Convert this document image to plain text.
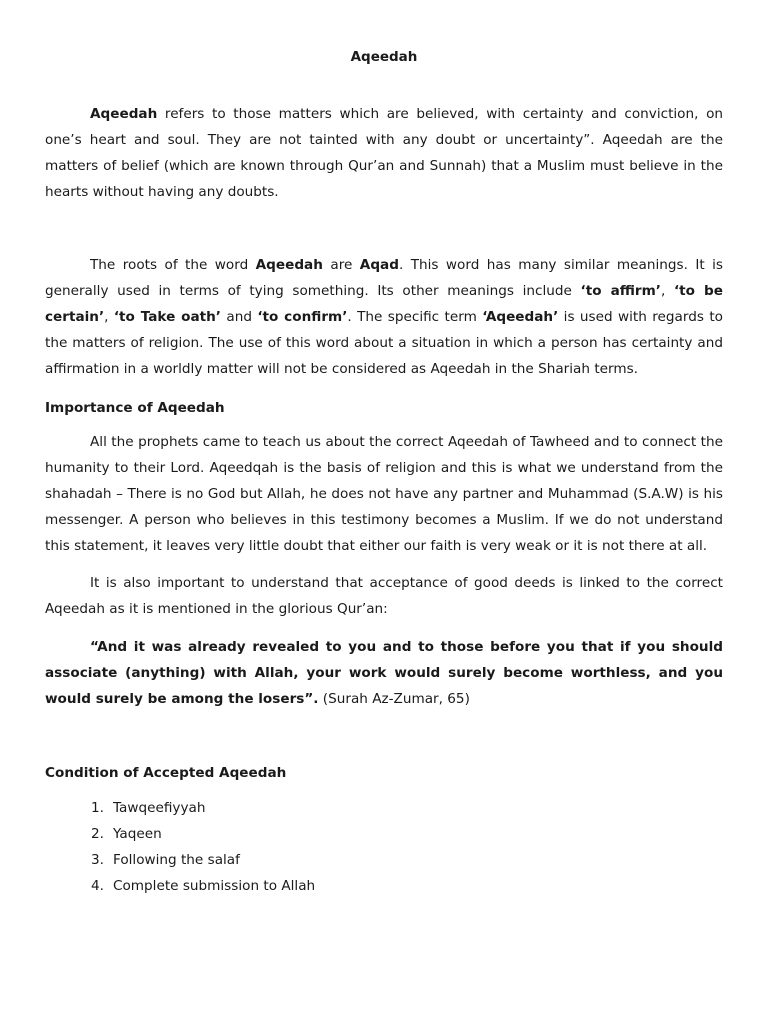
Aqeedah

Aqeedah refers to those matters which are believed, with certainty and conviction, on one’s heart and soul. They are not tainted with any doubt or uncertainty”. Aqeedah are the matters of belief (which are known through Qur’an and Sunnah) that a Muslim must believe in the hearts without having any doubts.

The roots of the word Aqeedah are Aqad. This word has many similar meanings. It is generally used in terms of tying something. Its other meanings include ‘to affirm’, ‘to be certain’, ‘to Take oath’ and ‘to confirm’. The specific term ‘Aqeedah’ is used with regards to the matters of religion. The use of this word about a situation in which a person has certainty and affirmation in a worldly matter will not be considered as Aqeedah in the Shariah terms.

Importance of Aqeedah

All the prophets came to teach us about the correct Aqeedah of Tawheed and to connect the humanity to their Lord. Aqeedqah is the basis of religion and this is what we understand from the shahadah – There is no God but Allah, he does not have any partner and Muhammad (S.A.W) is his messenger. A person who believes in this testimony becomes a Muslim. If we do not understand this statement, it leaves very little doubt that either our faith is very weak or it is not there at all.

It is also important to understand that acceptance of good deeds is linked to the correct Aqeedah as it is mentioned in the glorious Qur’an:

“And it was already revealed to you and to those before you that if you should associate (anything) with Allah, your work would surely become worthless, and you would surely be among the losers”. (Surah Az-Zumar, 65)

Condition of Accepted Aqeedah
1. Tawqeefiyyah
2. Yaqeen
3. Following the salaf
4. Complete submission to Allah
